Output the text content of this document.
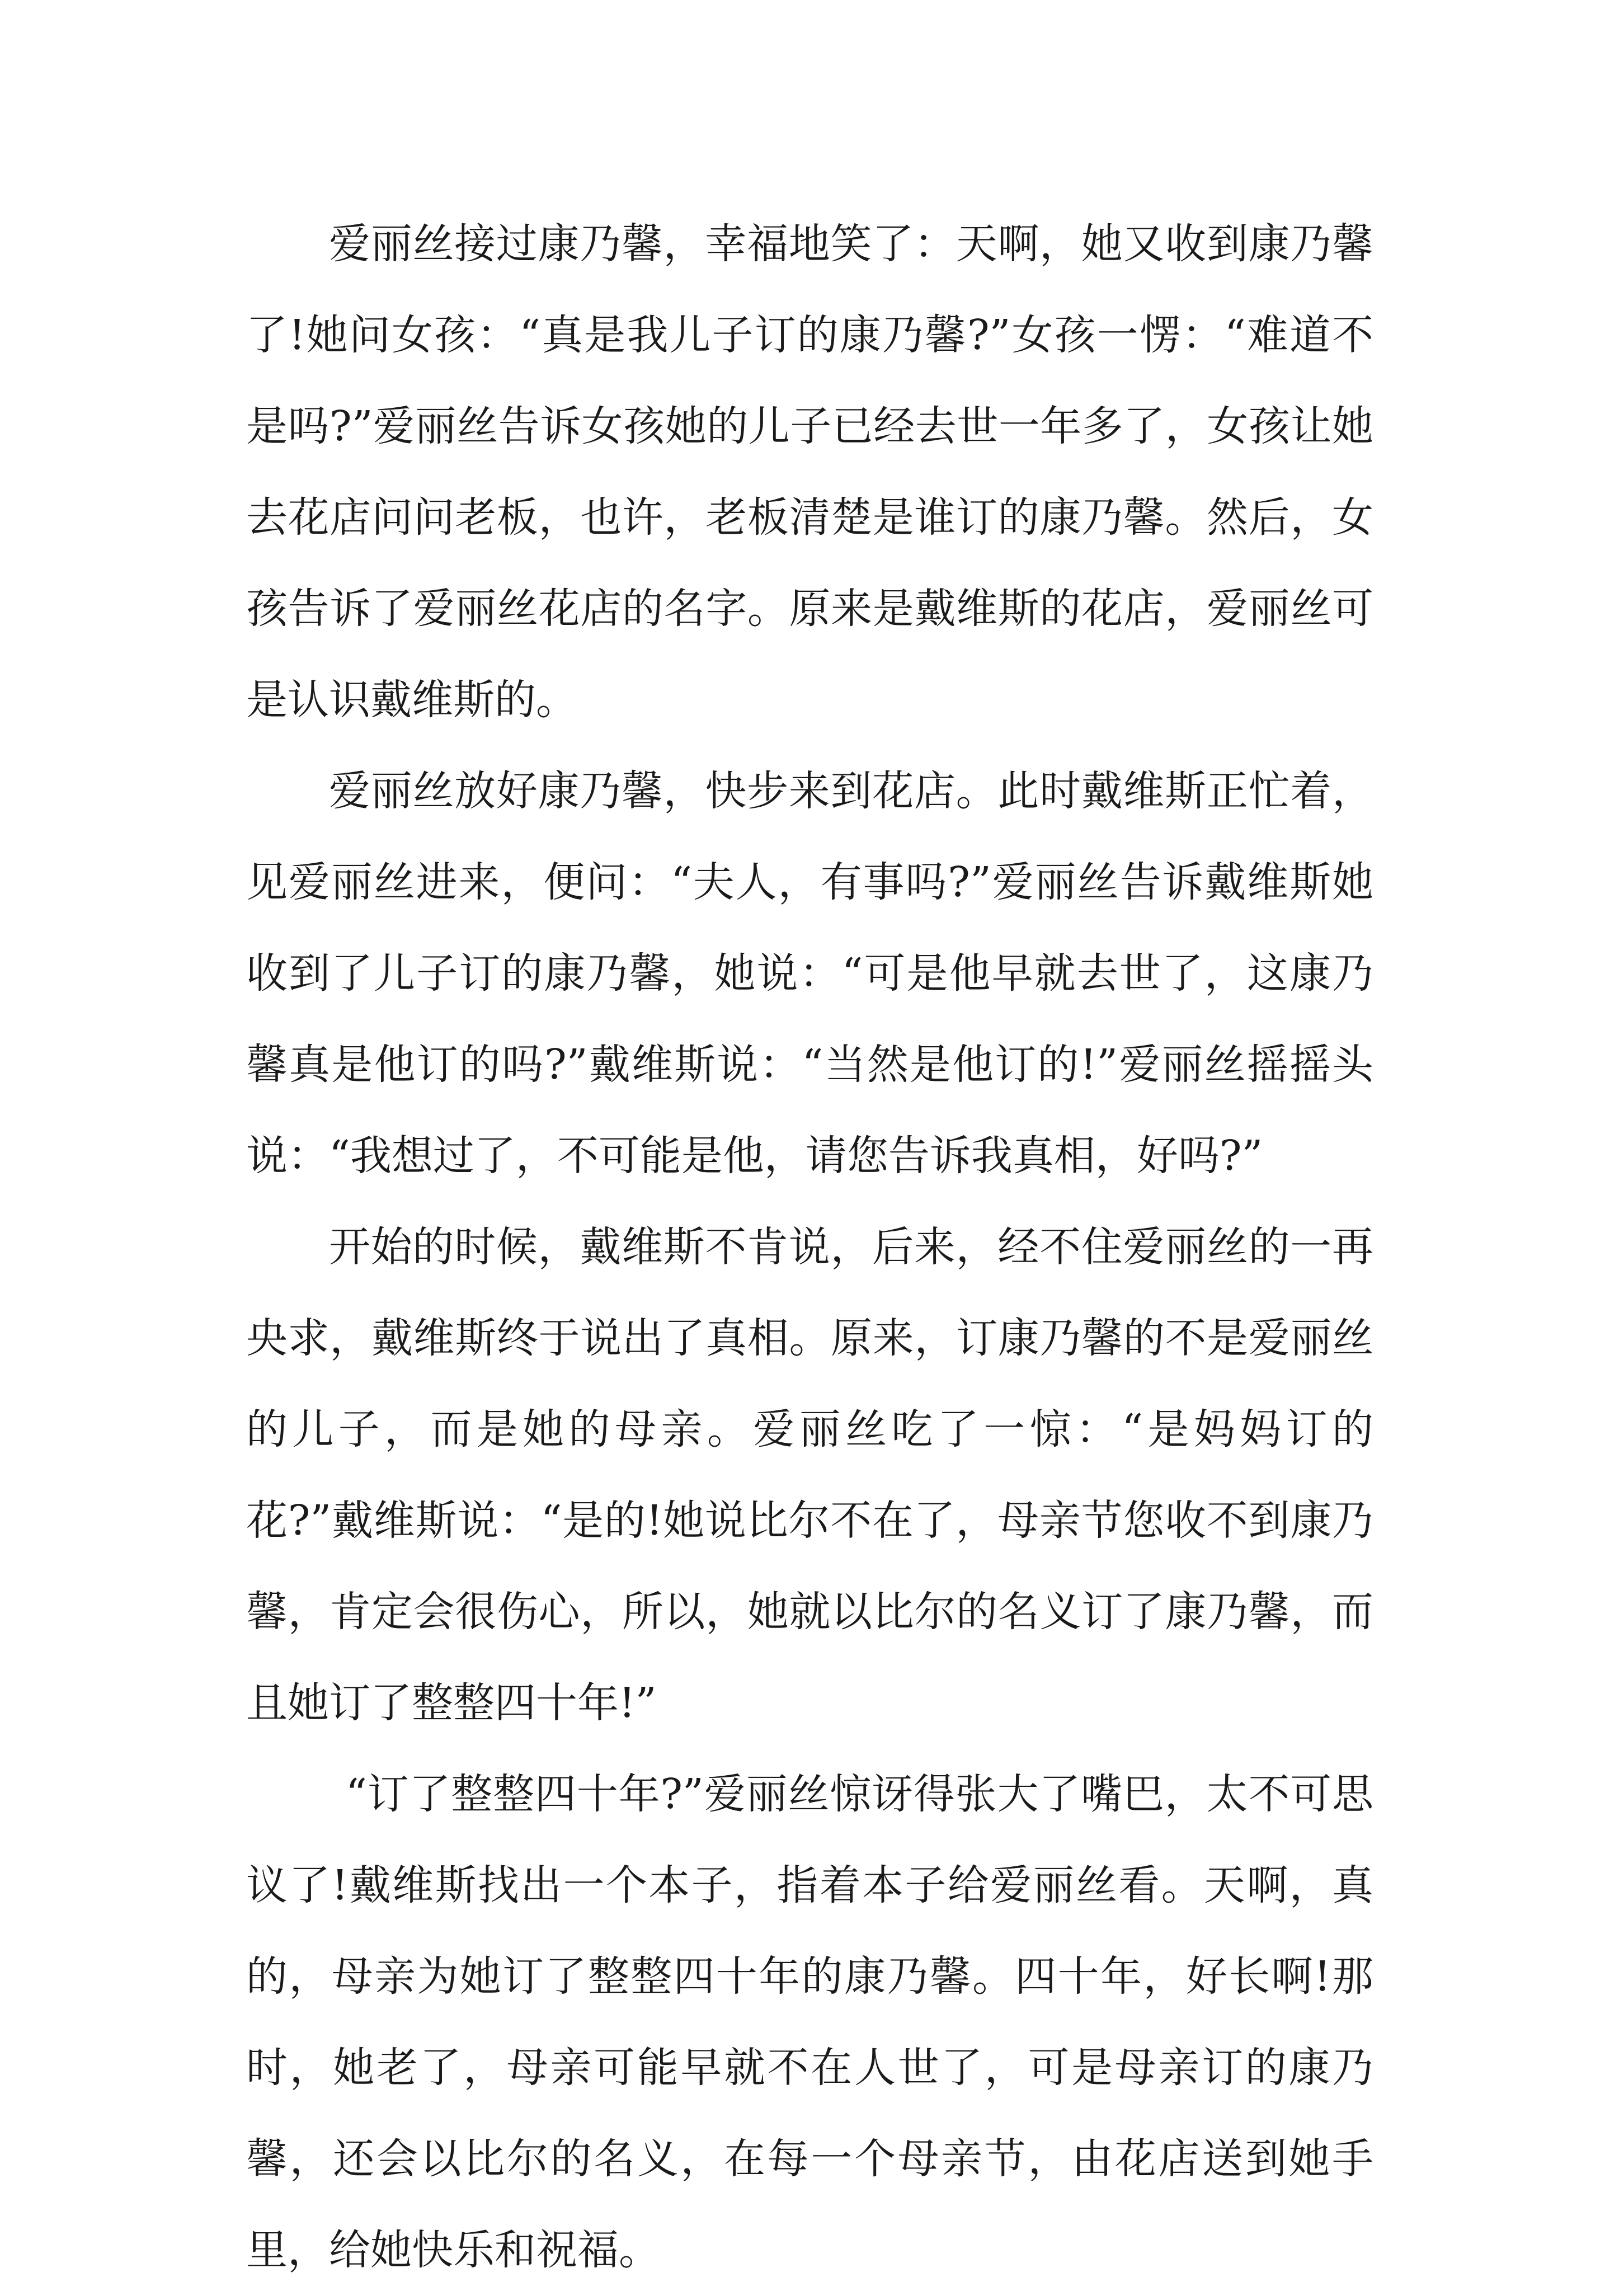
爱丽丝接过康乃馨，幸福地笑了：天啊，她又收到康乃馨了!她问女孩：“真是我儿子订的康乃馨?”女孩一愣：“难道不是吗?”爱丽丝告诉女孩她的儿子已经去世一年多了，女孩让她去花店问问老板，也许，老板清楚是谁订的康乃馨。然后，女孩告诉了爱丽丝花店的名字。原来是戴维斯的花店，爱丽丝可是认识戴维斯的。

爱丽丝放好康乃馨，快步来到花店。此时戴维斯正忙着，见爱丽丝进来，便问：“夫人，有事吗?”爱丽丝告诉戴维斯她收到了儿子订的康乃馨，她说：“可是他早就去世了，这康乃馨真是他订的吗?”戴维斯说：“当然是他订的!”爱丽丝摇摇头说：“我想过了，不可能是他，请您告诉我真相，好吗?”

开始的时候，戴维斯不肯说，后来，经不住爱丽丝的一再央求，戴维斯终于说出了真相。原来，订康乃馨的不是爱丽丝的儿子，而是她的母亲。爱丽丝吃了一惊：“是妈妈订的花?”戴维斯说：“是的!她说比尔不在了，母亲节您收不到康乃馨，肯定会很伤心，所以，她就以比尔的名义订了康乃馨，而且她订了整整四十年!”

“订了整整四十年?”爱丽丝惊讶得张大了嘴巴，太不可思议了!戴维斯找出一个本子，指着本子给爱丽丝看。天啊，真的，母亲为她订了整整四十年的康乃馨。四十年，好长啊!那时，她老了，母亲可能早就不在人世了，可是母亲订的康乃馨，还会以比尔的名义，在每一个母亲节，由花店送到她手里，给她快乐和祝福。
